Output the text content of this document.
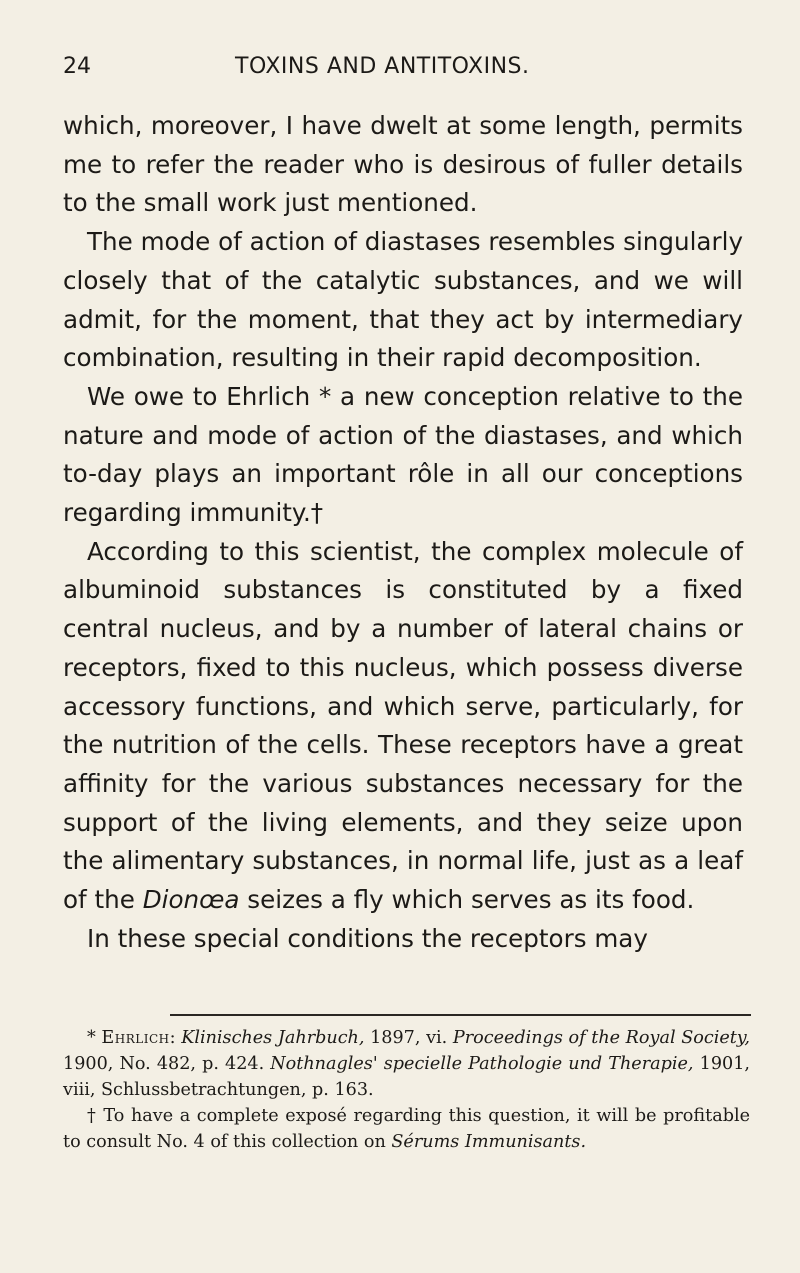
24	TOXINS AND ANTITOXINS.

which, moreover, I have dwelt at some length, permits me to refer the reader who is desirous of fuller details to the small work just mentioned.

The mode of action of diastases resembles singularly closely that of the catalytic substances, and we will admit, for the moment, that they act by intermediary combination, resulting in their rapid decomposition.

We owe to Ehrlich * a new conception relative to the nature and mode of action of the diastases, and which to-day plays an important rôle in all our conceptions regarding immunity.†

According to this scientist, the complex molecule of albuminoid substances is constituted by a fixed central nucleus, and by a number of lateral chains or receptors, fixed to this nucleus, which possess diverse accessory functions, and which serve, particularly, for the nutrition of the cells. These receptors have a great affinity for the various substances necessary for the support of the living elements, and they seize upon the alimentary substances, in normal life, just as a leaf of the Dionœa seizes a fly which serves as its food.

In these special conditions the receptors may

* Ehrlich: Klinisches Jahrbuch, 1897, vi. Proceedings of the Royal Society, 1900, No. 482, p. 424. Nothnagles' specielle Pathologie und Therapie, 1901, viii, Schlussbetrachtungen, p. 163.

† To have a complete exposé regarding this question, it will be profitable to consult No. 4 of this collection on Sérums Immunisants.
